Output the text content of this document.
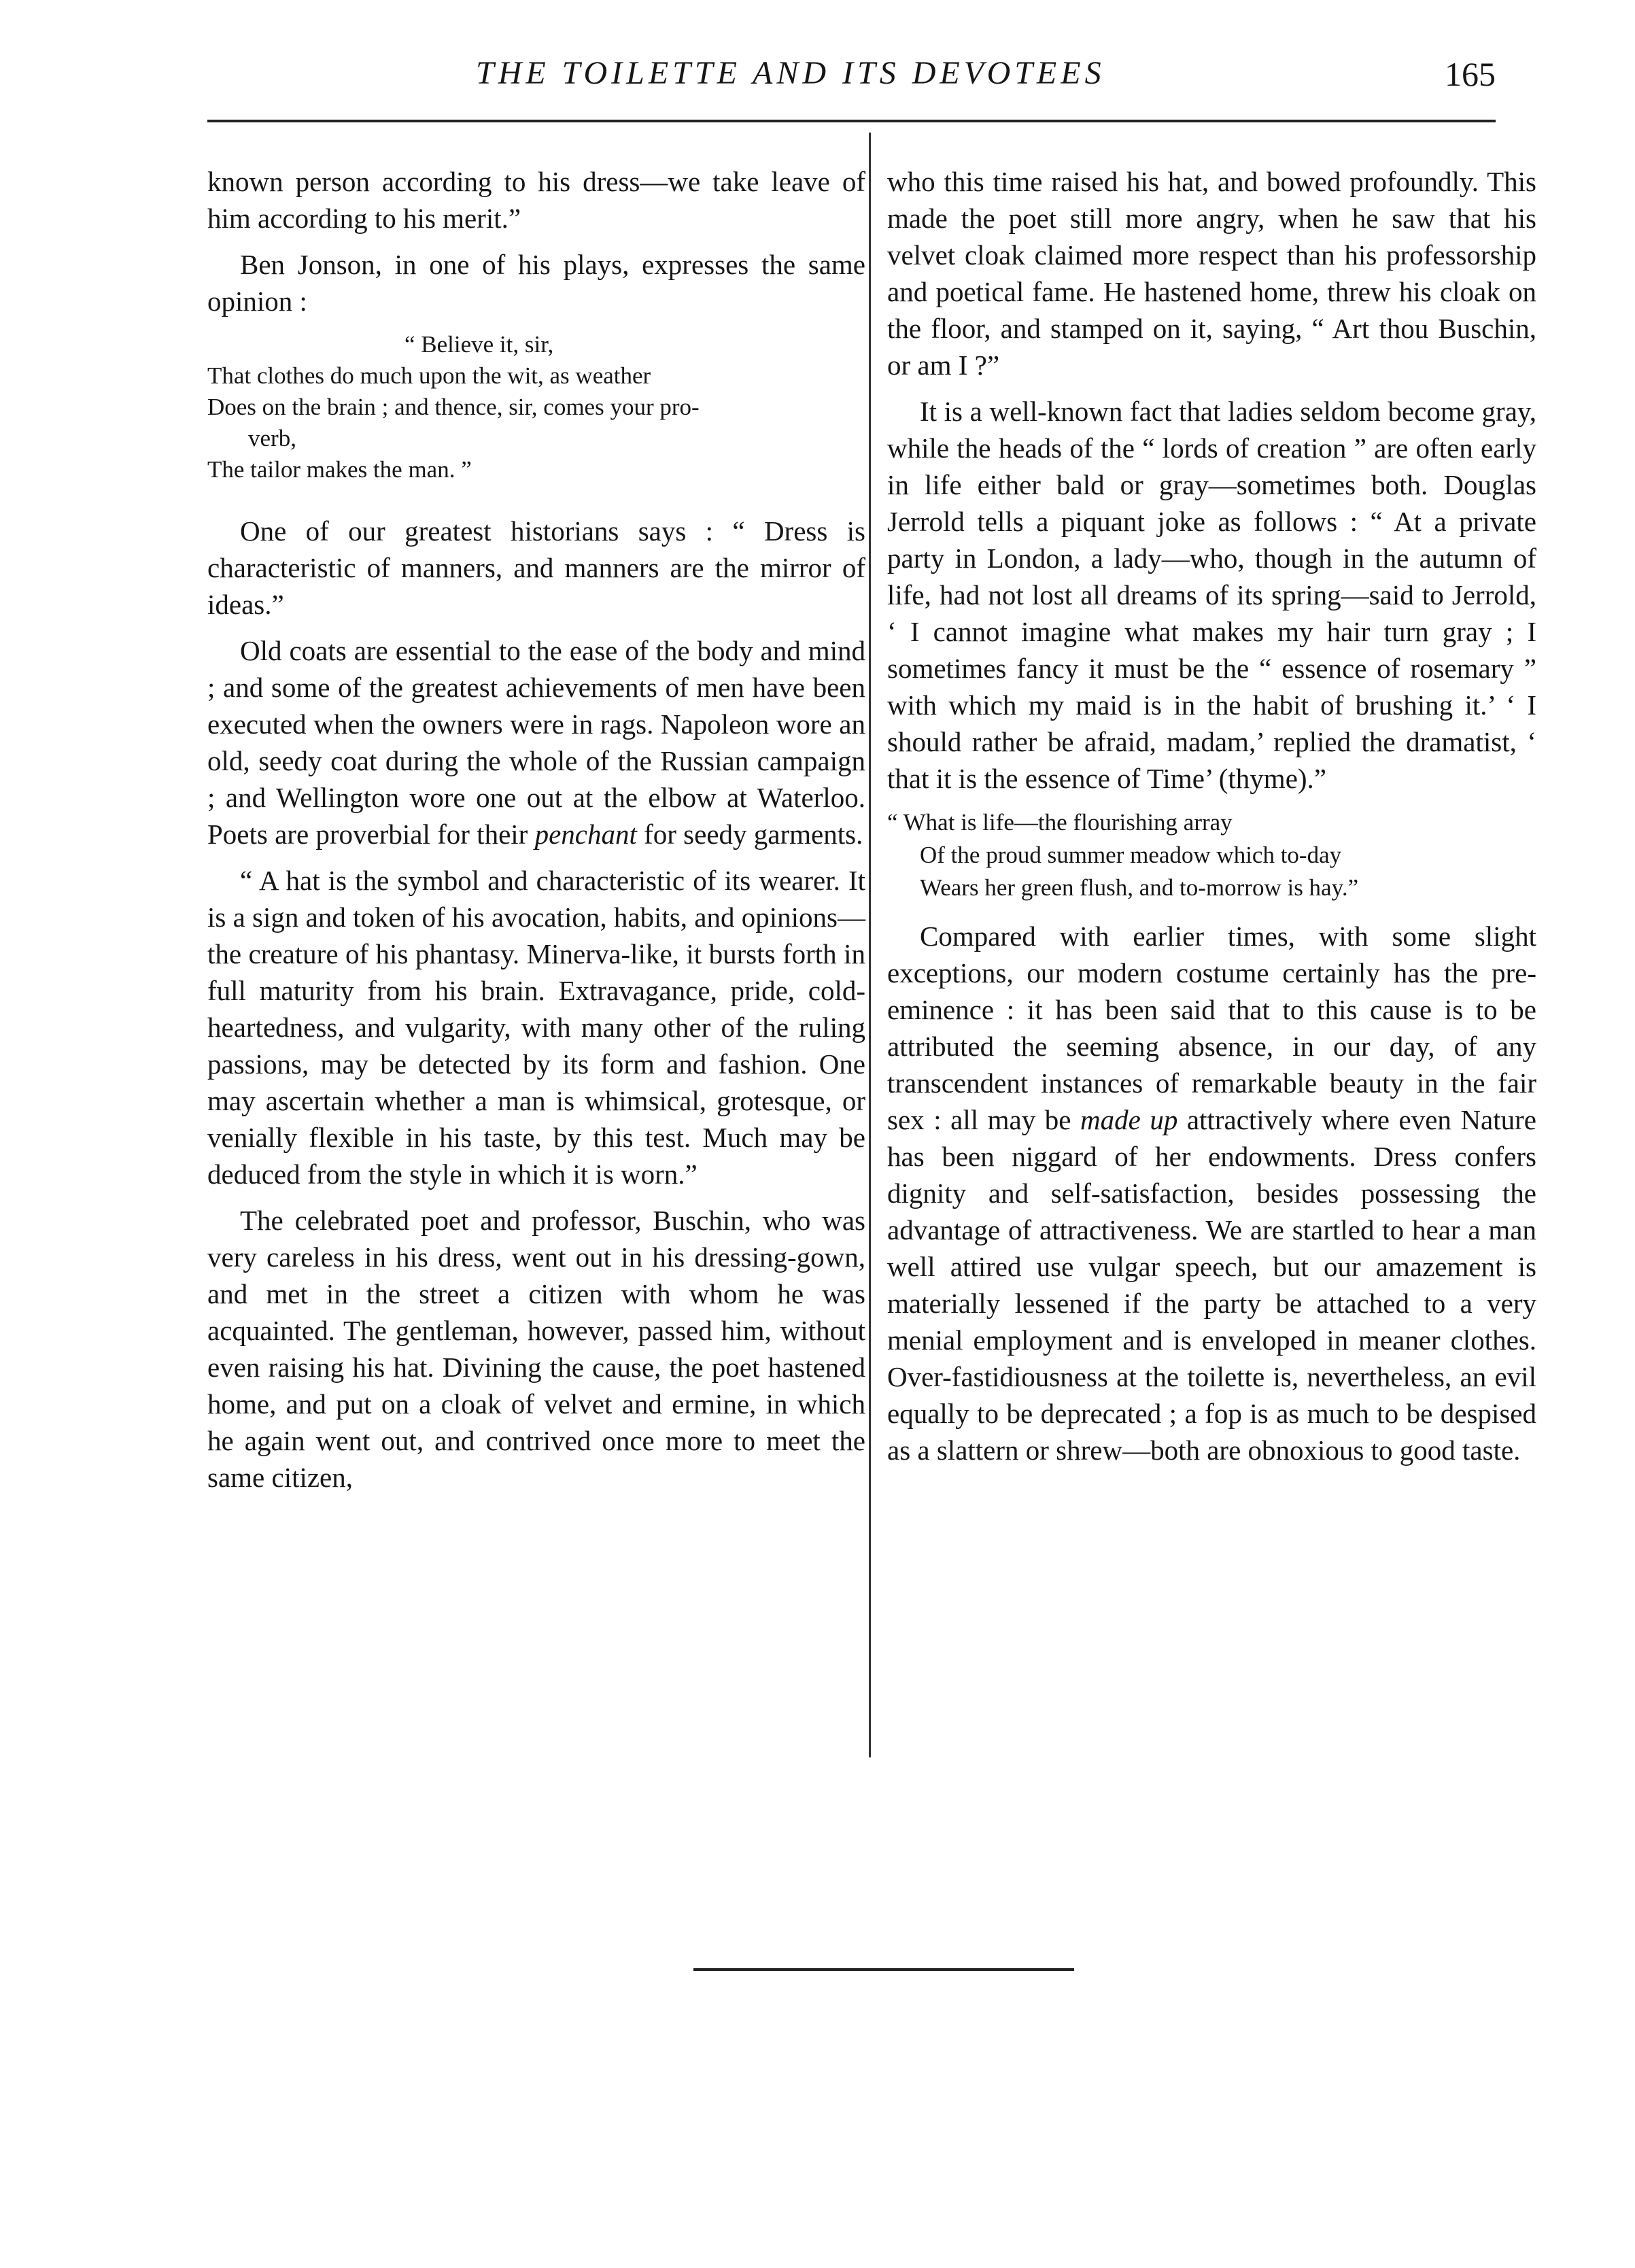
THE TOILETTE AND ITS DEVOTEES	165

known person according to his dress—we take leave of him according to his merit.”

Ben Jonson, in one of his plays, expresses the same opinion :

“ Believe it, sir,
That clothes do much upon the wit, as weather
Does on the brain ; and thence, sir, comes your pro-
verb,
The tailor makes the man. ”

One of our greatest historians says : “ Dress is characteristic of manners, and manners are the mirror of ideas.”

Old coats are essential to the ease of the body and mind ; and some of the greatest achievements of men have been executed when the owners were in rags. Napoleon wore an old, seedy coat during the whole of the Russian campaign ; and Wellington wore one out at the elbow at Waterloo. Poets are proverbial for their penchant for seedy garments.

“ A hat is the symbol and characteristic of its wearer. It is a sign and token of his avocation, habits, and opinions—the creature of his phantasy. Minerva-like, it bursts forth in full maturity from his brain. Extravagance, pride, cold-heartedness, and vulgarity, with many other of the ruling passions, may be detected by its form and fashion. One may ascertain whether a man is whimsical, grotesque, or venially flexible in his taste, by this test. Much may be deduced from the style in which it is worn.”

The celebrated poet and professor, Buschin, who was very careless in his dress, went out in his dressing-gown, and met in the street a citizen with whom he was acquainted. The gentleman, however, passed him, without even raising his hat. Divining the cause, the poet hastened home, and put on a cloak of velvet and ermine, in which he again went out, and contrived once more to meet the same citizen,

who this time raised his hat, and bowed profoundly. This made the poet still more angry, when he saw that his velvet cloak claimed more respect than his professorship and poetical fame. He hastened home, threw his cloak on the floor, and stamped on it, saying, “ Art thou Buschin, or am I ?”

It is a well-known fact that ladies seldom become gray, while the heads of the “ lords of creation ” are often early in life either bald or gray—sometimes both. Douglas Jerrold tells a piquant joke as follows : “ At a private party in London, a lady—who, though in the autumn of life, had not lost all dreams of its spring—said to Jerrold, ‘ I cannot imagine what makes my hair turn gray ; I sometimes fancy it must be the “ essence of rosemary ” with which my maid is in the habit of brushing it.’ ‘ I should rather be afraid, madam,’ replied the dramatist, ‘ that it is the essence of Time’ (thyme).”

“ What is life—the flourishing array
Of the proud summer meadow which to-day
Wears her green flush, and to-morrow is hay.”

Compared with earlier times, with some slight exceptions, our modern costume certainly has the pre-eminence : it has been said that to this cause is to be attributed the seeming absence, in our day, of any transcendent instances of remarkable beauty in the fair sex : all may be made up attractively where even Nature has been niggard of her endowments. Dress confers dignity and self-satisfaction, besides possessing the advantage of attractiveness. We are startled to hear a man well attired use vulgar speech, but our amazement is materially lessened if the party be attached to a very menial employment and is enveloped in meaner clothes. Over-fastidiousness at the toilette is, nevertheless, an evil equally to be deprecated ; a fop is as much to be despised as a slattern or shrew—both are obnoxious to good taste.
